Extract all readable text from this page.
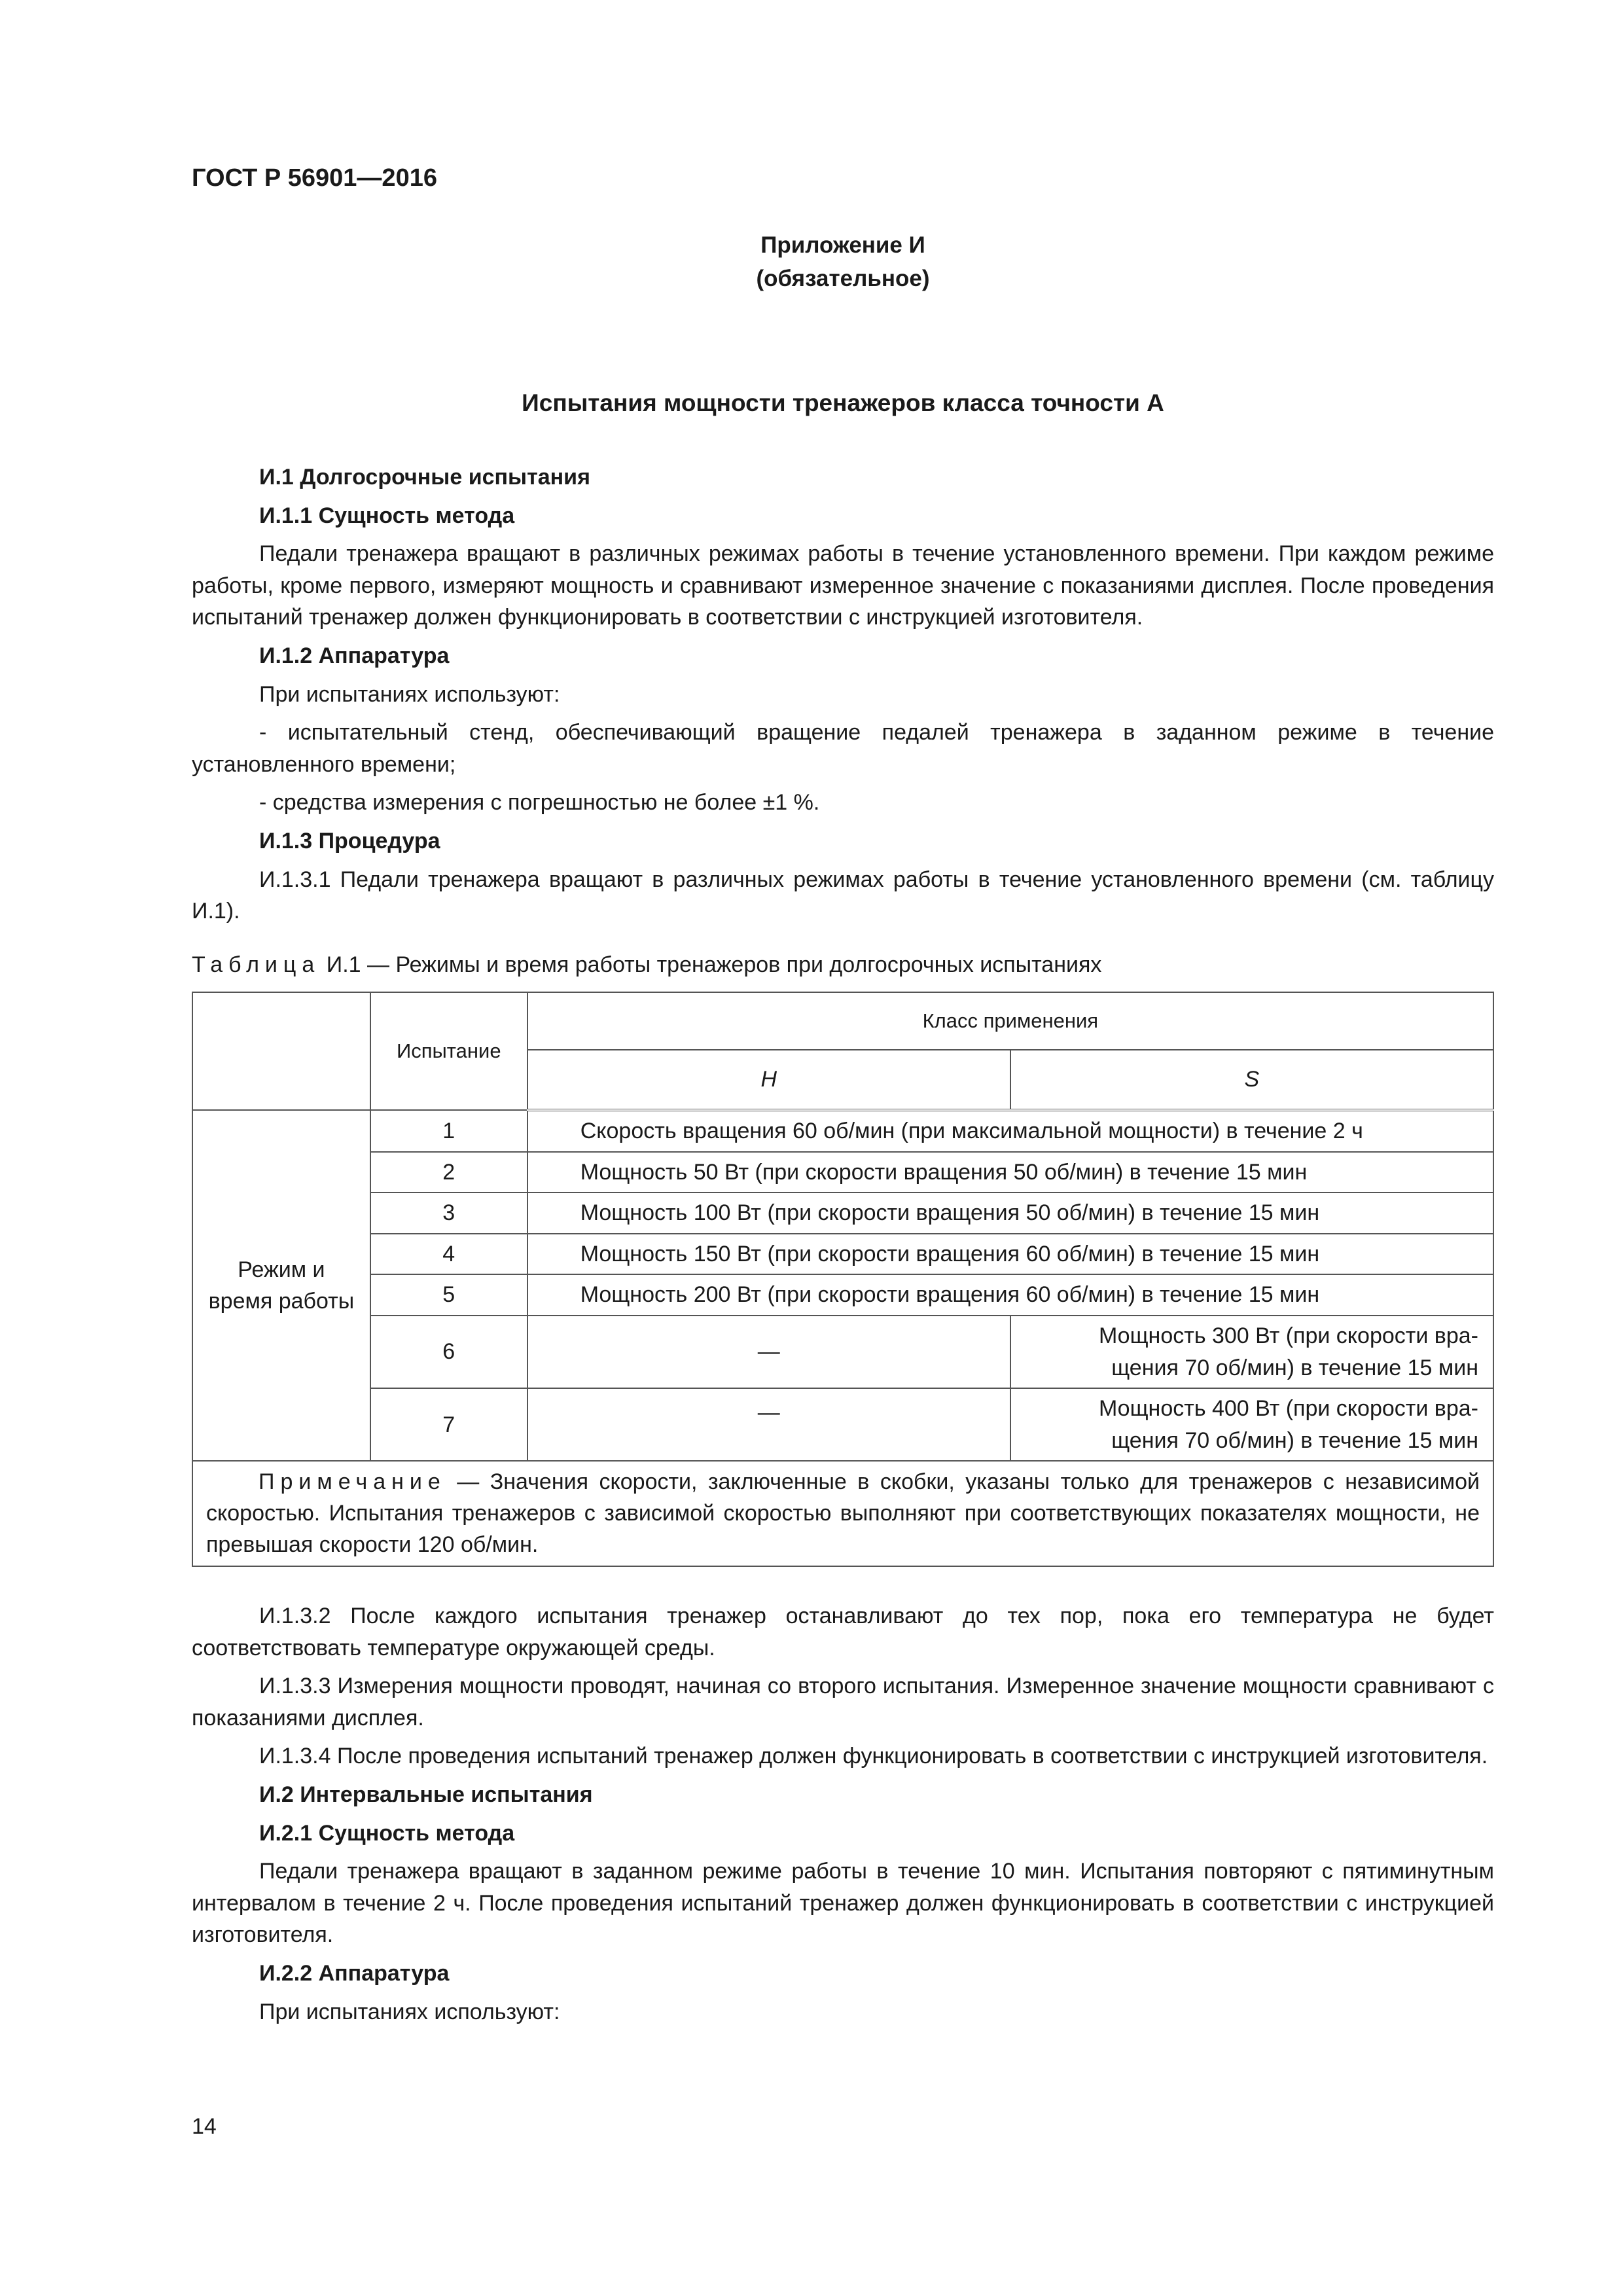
ГОСТ Р 56901—2016
Приложение И
(обязательное)
Испытания мощности тренажеров класса точности А
И.1 Долгосрочные испытания
И.1.1 Сущность метода
Педали тренажера вращают в различных режимах работы в течение установленного времени. При каждом режиме работы, кроме первого, измеряют мощность и сравнивают измеренное значение с показаниями дисплея. После проведения испытаний тренажер должен функционировать в соответствии с инструкцией изготовителя.
И.1.2 Аппаратура
При испытаниях используют:
- испытательный стенд, обеспечивающий вращение педалей тренажера в заданном режиме в течение установленного времени;
- средства измерения с погрешностью не более ±1 %.
И.1.3 Процедура
И.1.3.1 Педали тренажера вращают в различных режимах работы в течение установленного времени (см. таблицу И.1).
Таблица И.1 — Режимы и время работы тренажеров при долгосрочных испытаниях
	Испытание	Класс применения	
		H	S

Режим и
время работы	1	Скорость вращения 60 об/мин (при максимальной мощности) в течение 2 ч	
	2	Мощность 50 Вт (при скорости вращения 50 об/мин) в течение 15 мин	
	3	Мощность 100 Вт (при скорости вращения 50 об/мин) в течение 15 мин	
	4	Мощность 150 Вт (при скорости вращения 60 об/мин) в течение 15 мин	
	5	Мощность 200 Вт (при скорости вращения 60 об/мин) в течение 15 мин	
	6	—	Мощность 300 Вт (при скорости вра-
щения 70 об/мин) в течение 15 мин

	7	—	Мощность 400 Вт (при скорости вра-
щения 70 об/мин) в течение 15 мин

Примечание — Значения скорости, заключенные в скобки, указаны только для тренажеров с независимой скоростью. Испытания тренажеров с зависимой скоростью выполняют при соответствующих показателях мощности, не превышая скорости 120 об/мин.			
И.1.3.2 После каждого испытания тренажер останавливают до тех пор, пока его температура не будет соответствовать температуре окружающей среды.
И.1.3.3 Измерения мощности проводят, начиная со второго испытания. Измеренное значение мощности сравнивают с показаниями дисплея.
И.1.3.4 После проведения испытаний тренажер должен функционировать в соответствии с инструкцией изготовителя.
И.2 Интервальные испытания
И.2.1 Сущность метода
Педали тренажера вращают в заданном режиме работы в течение 10 мин. Испытания повторяют с пятиминутным интервалом в течение 2 ч. После проведения испытаний тренажер должен функционировать в соответствии с инструкцией изготовителя.
И.2.2 Аппаратура
При испытаниях используют:
14
